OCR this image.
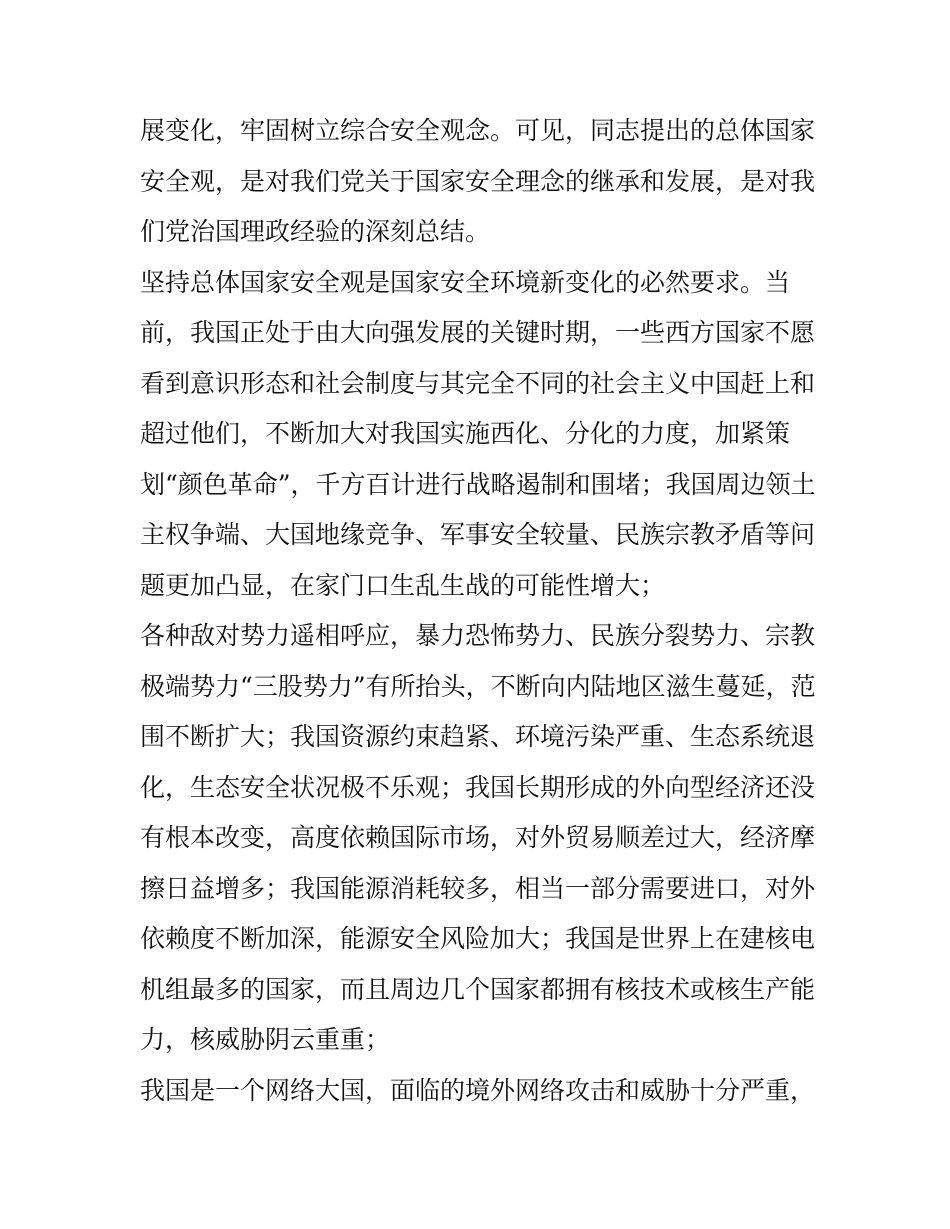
展变化，牢固树立综合安全观念。可见，同志提出的总体国家
安全观，是对我们党关于国家安全理念的继承和发展，是对我
们党治国理政经验的深刻总结。
坚持总体国家安全观是国家安全环境新变化的必然要求。当
前，我国正处于由大向强发展的关键时期，一些西方国家不愿
看到意识形态和社会制度与其完全不同的社会主义中国赶上和
超过他们，不断加大对我国实施西化、分化的力度，加紧策
划“颜色革命”，千方百计进行战略遏制和围堵；我国周边领土
主权争端、大国地缘竞争、军事安全较量、民族宗教矛盾等问
题更加凸显，在家门口生乱生战的可能性增大；
各种敌对势力遥相呼应，暴力恐怖势力、民族分裂势力、宗教
极端势力“三股势力”有所抬头，不断向内陆地区滋生蔓延，范
围不断扩大；我国资源约束趋紧、环境污染严重、生态系统退
化，生态安全状况极不乐观；我国长期形成的外向型经济还没
有根本改变，高度依赖国际市场，对外贸易顺差过大，经济摩
擦日益增多；我国能源消耗较多，相当一部分需要进口，对外
依赖度不断加深，能源安全风险加大；我国是世界上在建核电
机组最多的国家，而且周边几个国家都拥有核技术或核生产能
力，核威胁阴云重重；
我国是一个网络大国，面临的境外网络攻击和威胁十分严重，
